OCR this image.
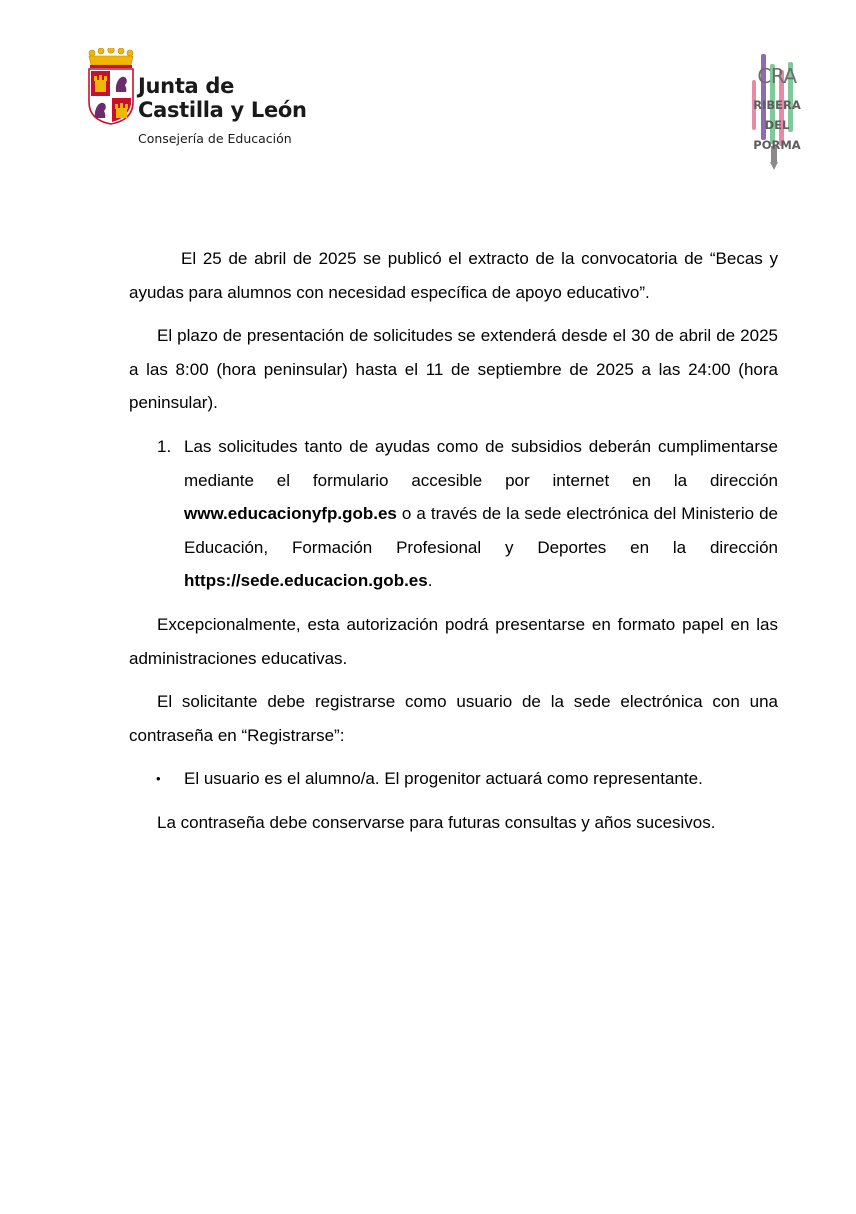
Junta de
Castilla y León
Consejería de Educación
CRA
RIBERA
DEL
PORMA

El 25 de abril de 2025 se publicó el extracto de la convocatoria de “Becas y ayudas para alumnos con necesidad específica de apoyo educativo”.

El plazo de presentación de solicitudes se extenderá desde el 30 de abril de 2025 a las 8:00 (hora peninsular) hasta el 11 de septiembre de 2025 a las 24:00 (hora peninsular).

1. Las solicitudes tanto de ayudas como de subsidios deberán cumplimentarse mediante el formulario accesible por internet en la dirección www.educacionyfp.gob.es o a través de la sede electrónica del Ministerio de Educación, Formación Profesional y Deportes en la dirección https://sede.educacion.gob.es.

Excepcionalmente, esta autorización podrá presentarse en formato papel en las administraciones educativas.

El solicitante debe registrarse como usuario de la sede electrónica con una contraseña en “Registrarse”:

• El usuario es el alumno/a. El progenitor actuará como representante.

La contraseña debe conservarse para futuras consultas y años sucesivos.
